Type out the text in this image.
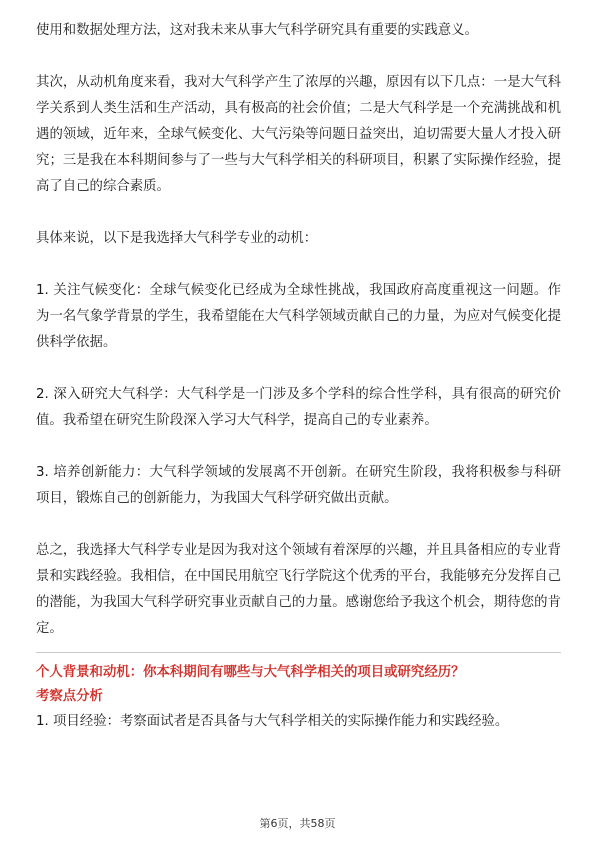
使用和数据处理方法，这对我未来从事大气科学研究具有重要的实践意义。

其次，从动机角度来看，我对大气科学产生了浓厚的兴趣，原因有以下几点：一是大气科学关系到人类生活和生产活动，具有极高的社会价值；二是大气科学是一个充满挑战和机遇的领域，近年来，全球气候变化、大气污染等问题日益突出，迫切需要大量人才投入研究；三是我在本科期间参与了一些与大气科学相关的科研项目，积累了实际操作经验，提高了自己的综合素质。

具体来说，以下是我选择大气科学专业的动机：

1. 关注气候变化：全球气候变化已经成为全球性挑战，我国政府高度重视这一问题。作为一名气象学背景的学生，我希望能在大气科学领域贡献自己的力量，为应对气候变化提供科学依据。

2. 深入研究大气科学：大气科学是一门涉及多个学科的综合性学科，具有很高的研究价值。我希望在研究生阶段深入学习大气科学，提高自己的专业素养。

3. 培养创新能力：大气科学领域的发展离不开创新。在研究生阶段，我将积极参与科研项目，锻炼自己的创新能力，为我国大气科学研究做出贡献。

总之，我选择大气科学专业是因为我对这个领域有着深厚的兴趣，并且具备相应的专业背景和实践经验。我相信，在中国民用航空飞行学院这个优秀的平台，我能够充分发挥自己的潜能，为我国大气科学研究事业贡献自己的力量。感谢您给予我这个机会，期待您的肯定。

个人背景和动机：你本科期间有哪些与大气科学相关的项目或研究经历？

考察点分析

1. 项目经验：考察面试者是否具备与大气科学相关的实际操作能力和实践经验。

第6页，共58页
